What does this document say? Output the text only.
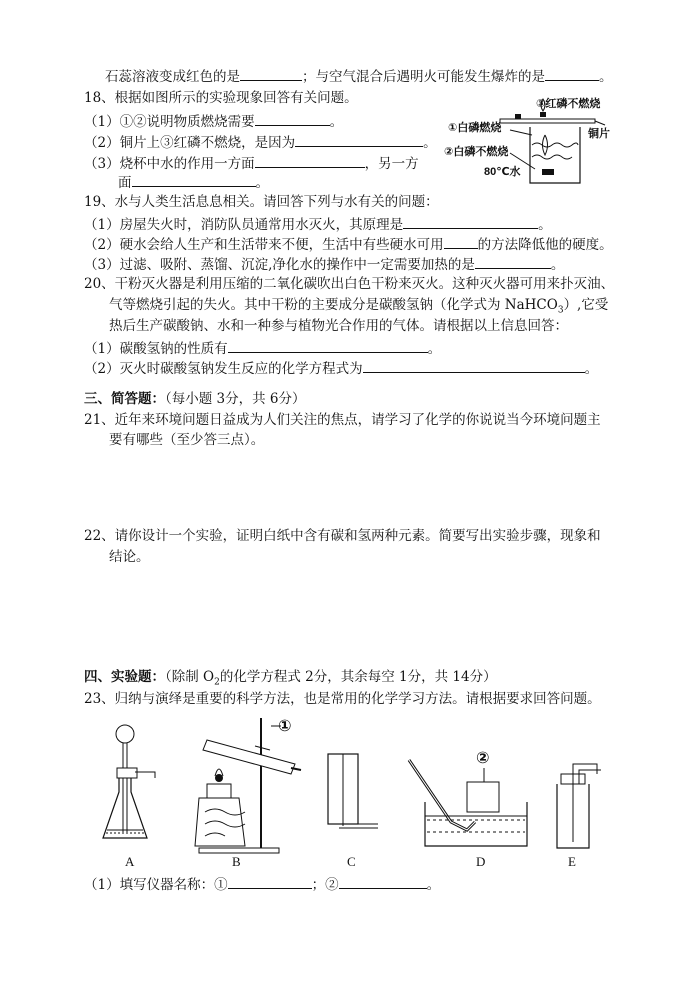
石蕊溶液变成红色的是	；与空气混合后遇明火可能发生爆炸的是	。
18、根据如图所示的实验现象回答有关问题。
（1）①②说明物质燃烧需要	。
（2）铜片上③红磷不燃烧，是因为	。
（3）烧杯中水的作用一方面	，另一方
面	。
③红磷不燃烧
①白磷燃烧	铜片
②白磷不燃烧
80℃水
19、水与人类生活息息相关。请回答下列与水有关的问题：
（1）房屋失火时，消防队员通常用水灭火，其原理是	。
（2）硬水会给人生产和生活带来不便，生活中有些硬水可用	的方法降低他的硬度。
（3）过滤、吸附、蒸馏、沉淀,净化水的操作中一定需要加热的是	。
20、干粉灭火器是利用压缩的二氧化碳吹出白色干粉来灭火。这种灭火器可用来扑灭油、
气等燃烧引起的失火。其中干粉的主要成分是碳酸氢钠（化学式为 NaHCO$_3$）,它受
热后生产碳酸钠、水和一种参与植物光合作用的气体。请根据以上信息回答：
（1）碳酸氢钠的性质有	。
（2）灭火时碳酸氢钠发生反应的化学方程式为	。
三、简答题：（每小题 3分，共 6分）
21、近年来环境问题日益成为人们关注的焦点，请学习了化学的你说说当今环境问题主
要有哪些（至少答三点）。
22、请你设计一个实验，证明白纸中含有碳和氢两种元素。简要写出实验步骤，现象和
结论。
四、实验题：（除制 $O_2$的化学方程式 2分，其余每空 1分，共 14分）
23、归纳与演绎是重要的科学方法，也是常用的化学学习方法。请根据要求回答问题。
①
②
A	B	C	D	E
（1）填写仪器名称：①	；②	。
